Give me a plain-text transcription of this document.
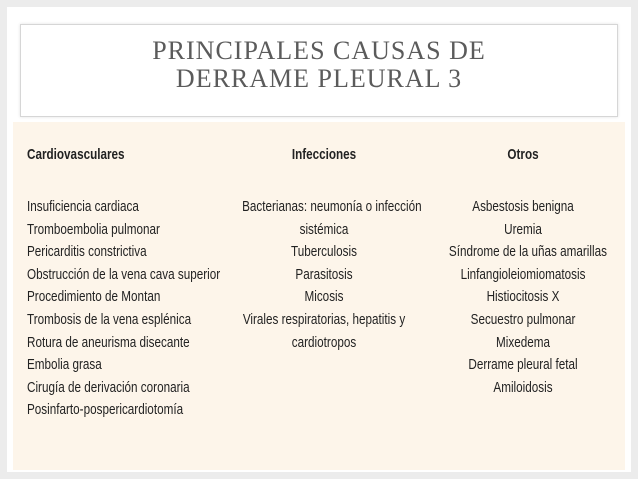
PRINCIPALES CAUSAS DE
DERRAME PLEURAL 3
Cardiovasculares
Insuficiencia cardiaca
Tromboembolia pulmonar
Pericarditis constrictiva
Obstrucción de la vena cava superior
Procedimiento de Montan
Trombosis de la vena esplénica
Rotura de aneurisma disecante
Embolia grasa
Cirugía de derivación coronaria
Posinfarto-pospericardiotomía
Infecciones
Bacterianas: neumonía o infección
sistémica
Tuberculosis
Parasitosis
Micosis
Virales respiratorias, hepatitis y
cardiotropos
Otros
Asbestosis benigna
Uremia
Síndrome de la uñas amarillas
Linfangioleiomiomatosis
Histiocitosis X
Secuestro pulmonar
Mixedema
Derrame pleural fetal
Amiloidosis
